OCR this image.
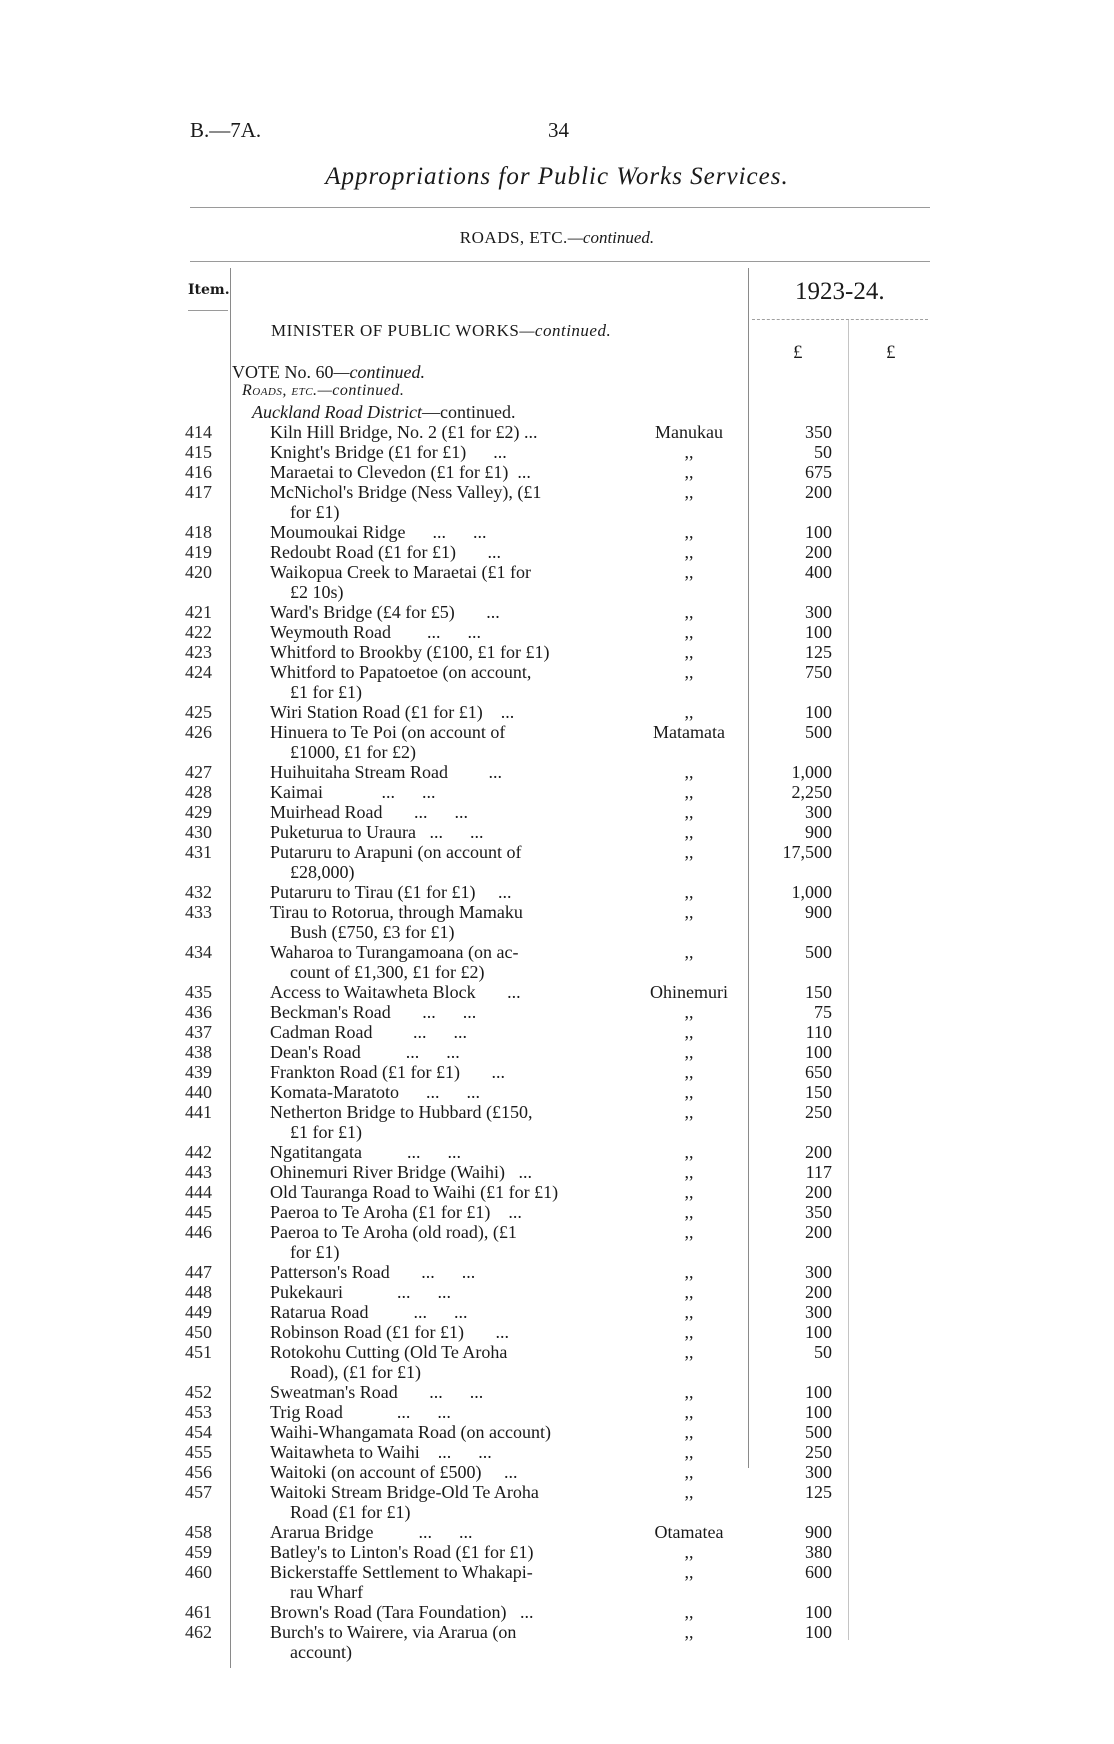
B.—7A.	34
Appropriations for Public Works Services.
ROADS, ETC.—continued.
Item.	1923-24.
£	£
MINISTER OF PUBLIC WORKS—continued.
VOTE No. 60—continued.
Roads, etc.—continued.
Auckland Road District—continued.
414	Kiln Hill Bridge, No. 2 (£1 for £2) ...	Manukau	350
415	Knight's Bridge (£1 for £1)      ...	,,	50
416	Maraetai to Clevedon (£1 for £1)  ...	,,	675
417	McNichol's Bridge (Ness Valley), (£1
for £1)
,,	200
418	Moumoukai Ridge      ...      ...	,,	100
419	Redoubt Road (£1 for £1)       ...	,,	200
420	Waikopua Creek to Maraetai (£1 for
£2 10s)
,,	400
421	Ward's Bridge (£4 for £5)       ...	,,	300
422	Weymouth Road        ...      ...	,,	100
423	Whitford to Brookby (£100, £1 for £1)	,,	125
424	Whitford to Papatoetoe (on account,
£1 for £1)
,,	750
425	Wiri Station Road (£1 for £1)    ...	,,	100
426	Hinuera to Te Poi (on account of
£1000, £1 for £2)
Matamata	500
427	Huihuitaha Stream Road         ...	,,	1,000
428	Kaimai             ...      ...	,,	2,250
429	Muirhead Road       ...      ...	,,	300
430	Puketurua to Uraura   ...      ...	,,	900
431	Putaruru to Arapuni (on account of
£28,000)
,,	17,500
432	Putaruru to Tirau (£1 for £1)     ...	,,	1,000
433	Tirau to Rotorua, through Mamaku
Bush (£750, £3 for £1)
,,	900
434	Waharoa to Turangamoana (on ac-
count of £1,300, £1 for £2)
,,	500
435	Access to Waitawheta Block       ...	Ohinemuri	150
436	Beckman's Road       ...      ...	,,	75
437	Cadman Road         ...      ...	,,	110
438	Dean's Road          ...      ...	,,	100
439	Frankton Road (£1 for £1)       ...	,,	650
440	Komata-Maratoto      ...      ...	,,	150
441	Netherton Bridge to Hubbard (£150,
£1 for £1)
,,	250
442	Ngatitangata          ...      ...	,,	200
443	Ohinemuri River Bridge (Waihi)   ...	,,	117
444	Old Tauranga Road to Waihi (£1 for £1)	,,	200
445	Paeroa to Te Aroha (£1 for £1)    ...	,,	350
446	Paeroa to Te Aroha (old road), (£1
for £1)
,,	200
447	Patterson's Road       ...      ...	,,	300
448	Pukekauri            ...      ...	,,	200
449	Ratarua Road          ...      ...	,,	300
450	Robinson Road (£1 for £1)       ...	,,	100
451	Rotokohu Cutting (Old Te Aroha
Road), (£1 for £1)
,,	50
452	Sweatman's Road       ...      ...	,,	100
453	Trig Road            ...      ...	,,	100
454	Waihi-Whangamata Road (on account)	,,	500
455	Waitawheta to Waihi    ...      ...	,,	250
456	Waitoki (on account of £500)     ...	,,	300
457	Waitoki Stream Bridge-Old Te Aroha
Road (£1 for £1)
,,	125
458	Ararua Bridge          ...      ...	Otamatea	900
459	Batley's to Linton's Road (£1 for £1)	,,	380
460	Bickerstaffe Settlement to Whakapi-
rau Wharf
,,	600
461	Brown's Road (Tara Foundation)   ...	,,	100
462	Burch's to Wairere, via Ararua (on
account)
,,	100
